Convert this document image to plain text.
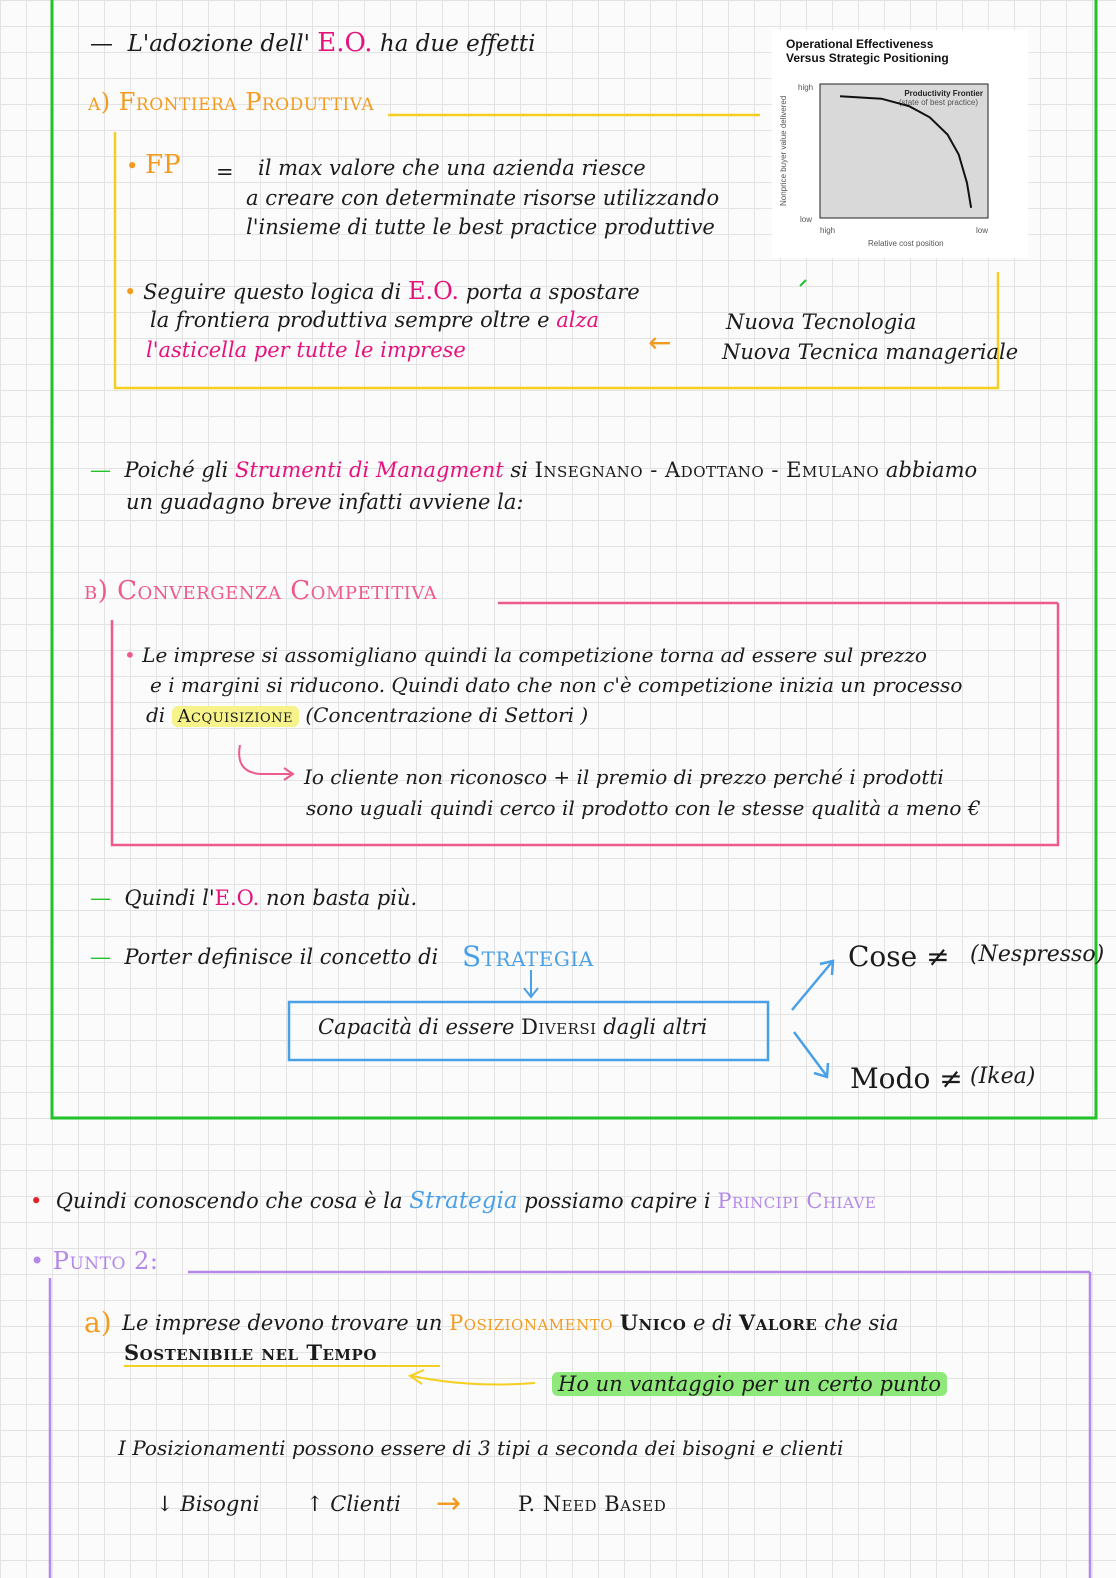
—  L'adozione dell' E.O. ha due effetti
a) Frontiera Produttiva
• FP = il max valore che una azienda riesce
a creare con determinate risorse utilizzando
l'insieme di tutte le best practice produttive
• Seguire questo logica di E.O. porta a spostare
la frontiera produttiva sempre oltre e alza
l'asticella per tutte le imprese	←
Nuova Tecnologia
Nuova Tecnica manageriale
Operational Effectiveness
Versus Strategic Positioning
Productivity Frontier
(state of best practice)
high
low
high	low
Relative cost position
Nonprice buyer value delivered
—  Poiché gli Strumenti di Managment si Insegnano - Adottano - Emulano abbiamo
un guadagno breve infatti avviene la:
b) Convergenza Competitiva
• Le imprese si assomigliano quindi la competizione torna ad essere sul prezzo
e i margini si riducono. Quindi dato che non c'è competizione inizia un processo
di Acquisizione (Concentrazione di Settori )
Io cliente non riconosco + il premio di prezzo perché i prodotti
sono uguali quindi cerco il prodotto con le stesse qualità a meno €
—  Quindi l'E.O. non basta più.
—  Porter definisce il concetto di Strategia
Capacità di essere Diversi dagli altri
Cose ≠ (Nespresso)
Modo ≠ (Ikea)
•  Quindi conoscendo che cosa è la Strategia possiamo capire i Principi Chiave
• Punto 2:
a) Le imprese devono trovare un Posizionamento Unico e di Valore che sia
Sostenibile nel Tempo
Ho un vantaggio per un certo punto
I Posizionamenti possono essere di 3 tipi a seconda dei bisogni e clienti
↓ Bisogni ↑ Clienti →	P. Need Based
